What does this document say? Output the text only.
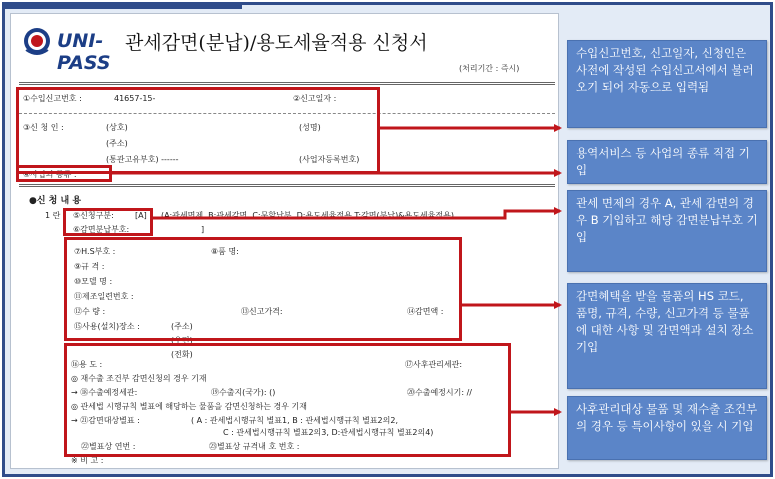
UNI-PASS
관세감면(분납)/용도세율적용 신청서
(처리기간 : 즉시)
①수입신고번호 :	41657-15-	②신고일자 :
③신 청 인 :	(상호)	(성명)
(주소)
(통관고유부호) ------	(사업자등록번호)
④사업의 종류 :
●신 청 내 용
1 란 ⑤신청구분:	[A] (A:관세면제, B:관세감면, C:문할납부, D:용도세율적용 T:감면(분납)&용도세율적용)
⑥감면분납부호:	]
⑦H.S부호 :	⑧품 명:
⑨규 격 :
⑩모델 명 :
⑪제조일련번호 :
⑫수 량 :	⑬신고가격:	⑭감면액 :
⑮사용(설치)장소 :	(주소)
(우편)
(전화)
⑯용 도 :	⑰사후관리세관:
◎ 재수출 조건부 감면신청의 경우 기재
→ ⑱수출예정세관:	⑲수출지(국가): ()	⑳수출예정시기: //
◎ 관세법 시행규칙 별표에 해당하는 물품을 감면신청하는 경우 기재
→ ㉑감면대상별표 :	( A : 관세법시행규칙 별표1, B : 관세법시행규칙 별표2의2,
C : 관세법시행규칙 별표2의3, D:관세법시행규칙 별표2의4)
㉒별표상 연번 :	㉓별표상 규격내 호 번호 :
※ 비 고 :
수입신고번호, 신고일자, 신청인은 사전에 작성된 수입신고서에서 불러오기 되어 자동으로 입력됨
용역서비스 등 사업의 종류 직접 기입
관세 면제의 경우 A, 관세 감면의 경우 B 기입하고 해당 감면분납부호 기입
감면혜택을 받을 물품의 HS 코드, 품명, 규격, 수량, 신고가격 등 물품에 대한 사항 및 감면액과 설치 장소 기입
사후관리대상 물품 및 재수출 조건부의 경우 등 특이사항이 있을 시 기입
